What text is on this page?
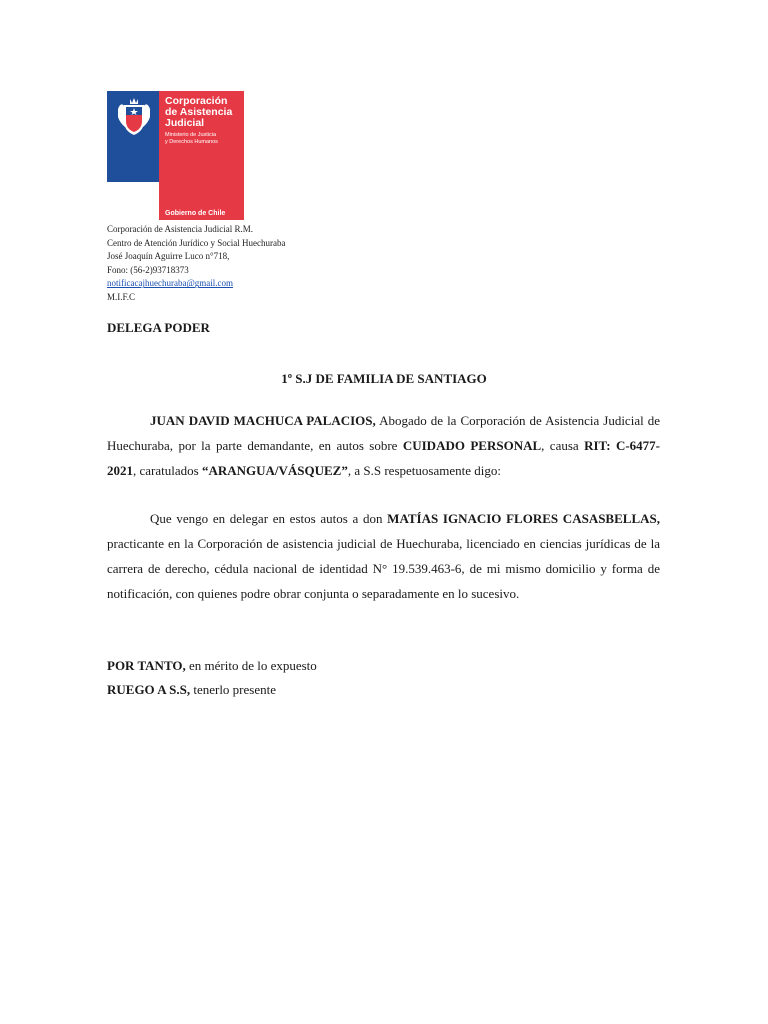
Corporación
de Asistencia
Judicial
Ministerio de Justicia
y Derechos Humanos
Gobierno de Chile
Corporación de Asistencia Judicial R.M.
Centro de Atención Jurídico y Social Huechuraba
José Joaquín Aguirre Luco n°718,
Fono: (56-2)93718373
notificacajhuechuraba@gmail.com
M.I.F.C
DELEGA PODER
1º S.J DE FAMILIA DE SANTIAGO
JUAN DAVID MACHUCA PALACIOS, Abogado de la Corporación de Asistencia Judicial de Huechuraba, por la parte demandante, en autos sobre CUIDADO PERSONAL, causa RIT: C-6477-2021, caratulados “ARANGUA/VÁSQUEZ”, a S.S respetuosamente digo:
Que vengo en delegar en estos autos a don MATÍAS IGNACIO FLORES CASASBELLAS, practicante en la Corporación de asistencia judicial de Huechuraba, licenciado en ciencias jurídicas de la carrera de derecho, cédula nacional de identidad N° 19.539.463-6, de mi mismo domicilio y forma de notificación, con quienes podre obrar conjunta o separadamente en lo sucesivo.
POR TANTO, en mérito de lo expuesto
RUEGO A S.S, tenerlo presente
